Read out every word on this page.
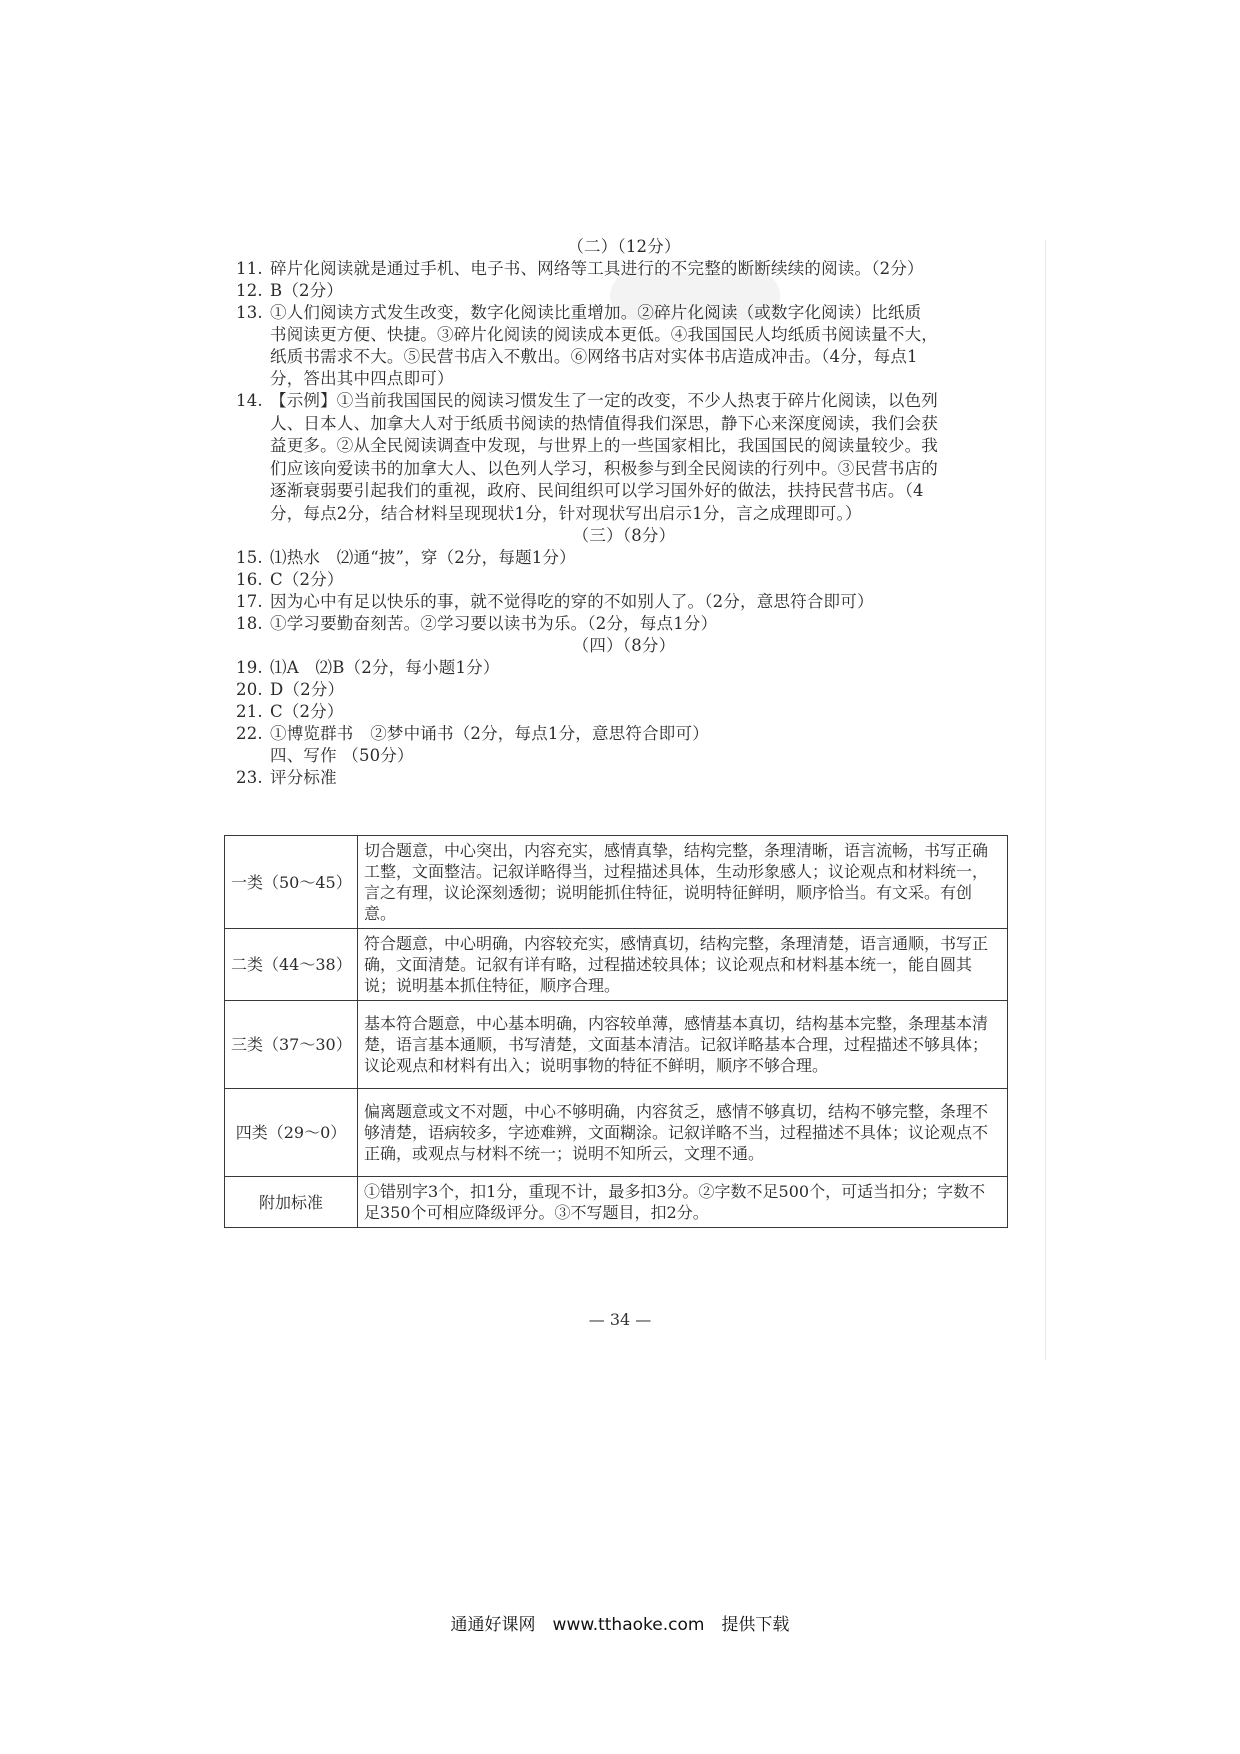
（二）（12分）
11. 碎片化阅读就是通过手机、电子书、网络等工具进行的不完整的断断续续的阅读。（2分）
12. B（2分）
13. ①人们阅读方式发生改变，数字化阅读比重增加。②碎片化阅读（或数字化阅读）比纸质
书阅读更方便、快捷。③碎片化阅读的阅读成本更低。④我国国民人均纸质书阅读量不大，
纸质书需求不大。⑤民营书店入不敷出。⑥网络书店对实体书店造成冲击。（4分，每点1
分，答出其中四点即可）
14. 【示例】①当前我国国民的阅读习惯发生了一定的改变，不少人热衷于碎片化阅读，以色列
人、日本人、加拿大人对于纸质书阅读的热情值得我们深思，静下心来深度阅读，我们会获
益更多。②从全民阅读调查中发现，与世界上的一些国家相比，我国国民的阅读量较少。我
们应该向爱读书的加拿大人、以色列人学习，积极参与到全民阅读的行列中。③民营书店的
逐渐衰弱要引起我们的重视，政府、民间组织可以学习国外好的做法，扶持民营书店。（4
分，每点2分，结合材料呈现现状1分，针对现状写出启示1分，言之成理即可。）
（三）（8分）
15. ⑴热水　⑵通“披”，穿（2分，每题1分）
16. C（2分）
17. 因为心中有足以快乐的事，就不觉得吃的穿的不如别人了。（2分，意思符合即可）
18. ①学习要勤奋刻苦。②学习要以读书为乐。（2分，每点1分）
（四）（8分）
19. ⑴A　⑵B（2分，每小题1分）
20. D（2分）
21. C（2分）
22. ①博览群书　②梦中诵书（2分，每点1分，意思符合即可）
四、写作 （50分）
23. 评分标准
一类（50～45）	切合题意，中心突出，内容充实，感情真挚，结构完整，条理清晰，语言流畅，书写正确工整，文面整洁。记叙详略得当，过程描述具体，生动形象感人；议论观点和材料统一，言之有理，议论深刻透彻；说明能抓住特征，说明特征鲜明，顺序恰当。有文采。有创意。
二类（44～38）	符合题意，中心明确，内容较充实，感情真切，结构完整，条理清楚，语言通顺，书写正确，文面清楚。记叙有详有略，过程描述较具体；议论观点和材料基本统一，能自圆其说；说明基本抓住特征，顺序合理。
三类（37～30）	基本符合题意，中心基本明确，内容较单薄，感情基本真切，结构基本完整，条理基本清楚，语言基本通顺，书写清楚，文面基本清洁。记叙详略基本合理，过程描述不够具体；议论观点和材料有出入；说明事物的特征不鲜明，顺序不够合理。
四类（29～0）	偏离题意或文不对题，中心不够明确，内容贫乏，感情不够真切，结构不够完整，条理不够清楚，语病较多，字迹难辨，文面糊涂。记叙详略不当，过程描述不具体；议论观点不正确，或观点与材料不统一；说明不知所云，文理不通。
附加标准	①错别字3个，扣1分，重现不计，最多扣3分。②字数不足500个，可适当扣分；字数不足350个可相应降级评分。③不写题目，扣2分。
— 34 —
通通好课网　www.tthaoke.com　提供下载
